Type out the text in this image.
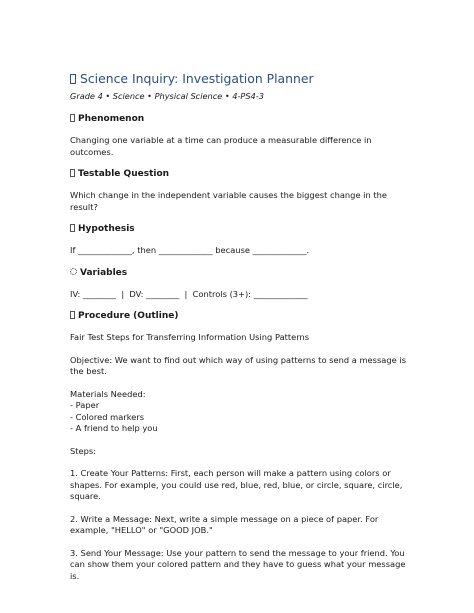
Science Inquiry: Investigation Planner
Grade 4 • Science • Physical Science • 4-PS4-3
Phenomenon
Changing one variable at a time can produce a measurable difference in outcomes.
Testable Question
Which change in the independent variable causes the biggest change in the result?
Hypothesis
If _____________, then _____________ because _____________.
Variables
IV: ________  |  DV: ________  |  Controls (3+): _____________
Procedure (Outline)
Fair Test Steps for Transferring Information Using Patterns
Objective: We want to find out which way of using patterns to send a message is the best.
Materials Needed:
- Paper
- Colored markers
- A friend to help you
Steps:
1. Create Your Patterns: First, each person will make a pattern using colors or shapes. For example, you could use red, blue, red, blue, or circle, square, circle, square.
2. Write a Message: Next, write a simple message on a piece of paper. For example, "HELLO" or "GOOD JOB."
3. Send Your Message: Use your pattern to send the message to your friend. You can show them your colored pattern and they have to guess what your message is.
